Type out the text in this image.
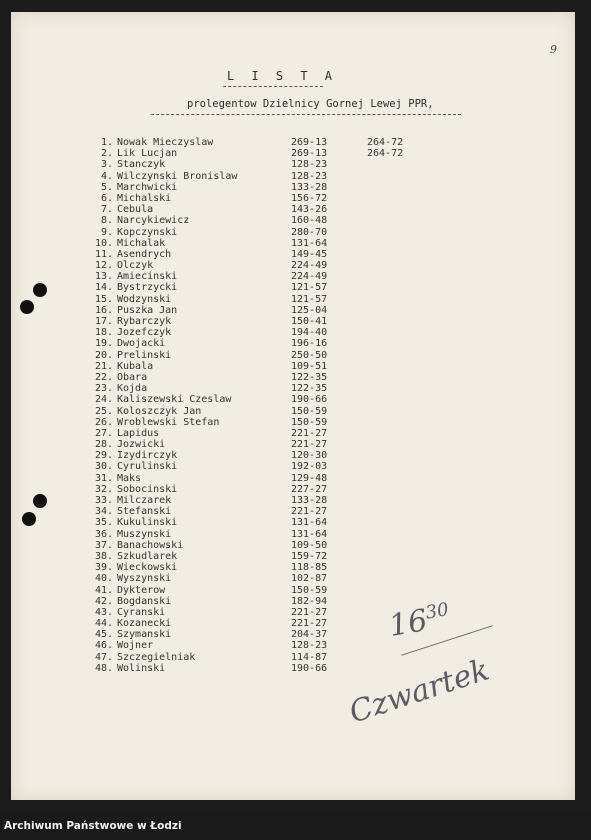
9
L I S T A
prolegentow Dzielnicy Gornej Lewej PPR,
1. Nowak Mieczyslaw	269-13	264-72
2. Lik Lucjan	269-13	264-72
3. Stanczyk	128-23
4. Wilczynski Bronislaw	128-23
5. Marchwicki	133-28
6. Michalski	156-72
7. Cebula	143-26
8. Narcykiewicz	160-48
9. Kopczynski	280-70
10. Michalak	131-64
11. Asendrych	149-45
12. Olczyk	224-49
13. Amiecinski	224-49
14. Bystrzycki	121-57
15. Wodzynski	121-57
16. Puszka Jan	125-04
17. Rybarczyk	150-41
18. Jozefczyk	194-40
19. Dwojacki	196-16
20. Prelinski	250-50
21. Kubala	109-51
22. Obara	122-35
23. Kojda	122-35
24. Kaliszewski Czeslaw	190-66
25. Koloszczyk Jan	150-59
26. Wroblewski Stefan	150-59
27. Lapidus	221-27
28. Jozwicki	221-27
29. Izydirczyk	120-30
30. Cyrulinski	192-03
31. Maks	129-48
32. Sobocinski	227-27
33. Milczarek	133-28
34. Stefanski	221-27
35. Kukulinski	131-64
36. Muszynski	131-64
37. Banachowski	109-50
38. Szkudlarek	159-72
39. Wieckowski	118-85
40. Wyszynski	102-87
41. Dykterow	150-59
42. Bogdanski	182-94
43. Cyranski	221-27
44. Kozanecki	221-27
45. Szymanski	204-37
46. Wojner	128-23
47. Szczegielniak	114-87
48. Wolinski	190-66
$16^{30}$
Czwartek
Archiwum Państwowe w Łodzi
